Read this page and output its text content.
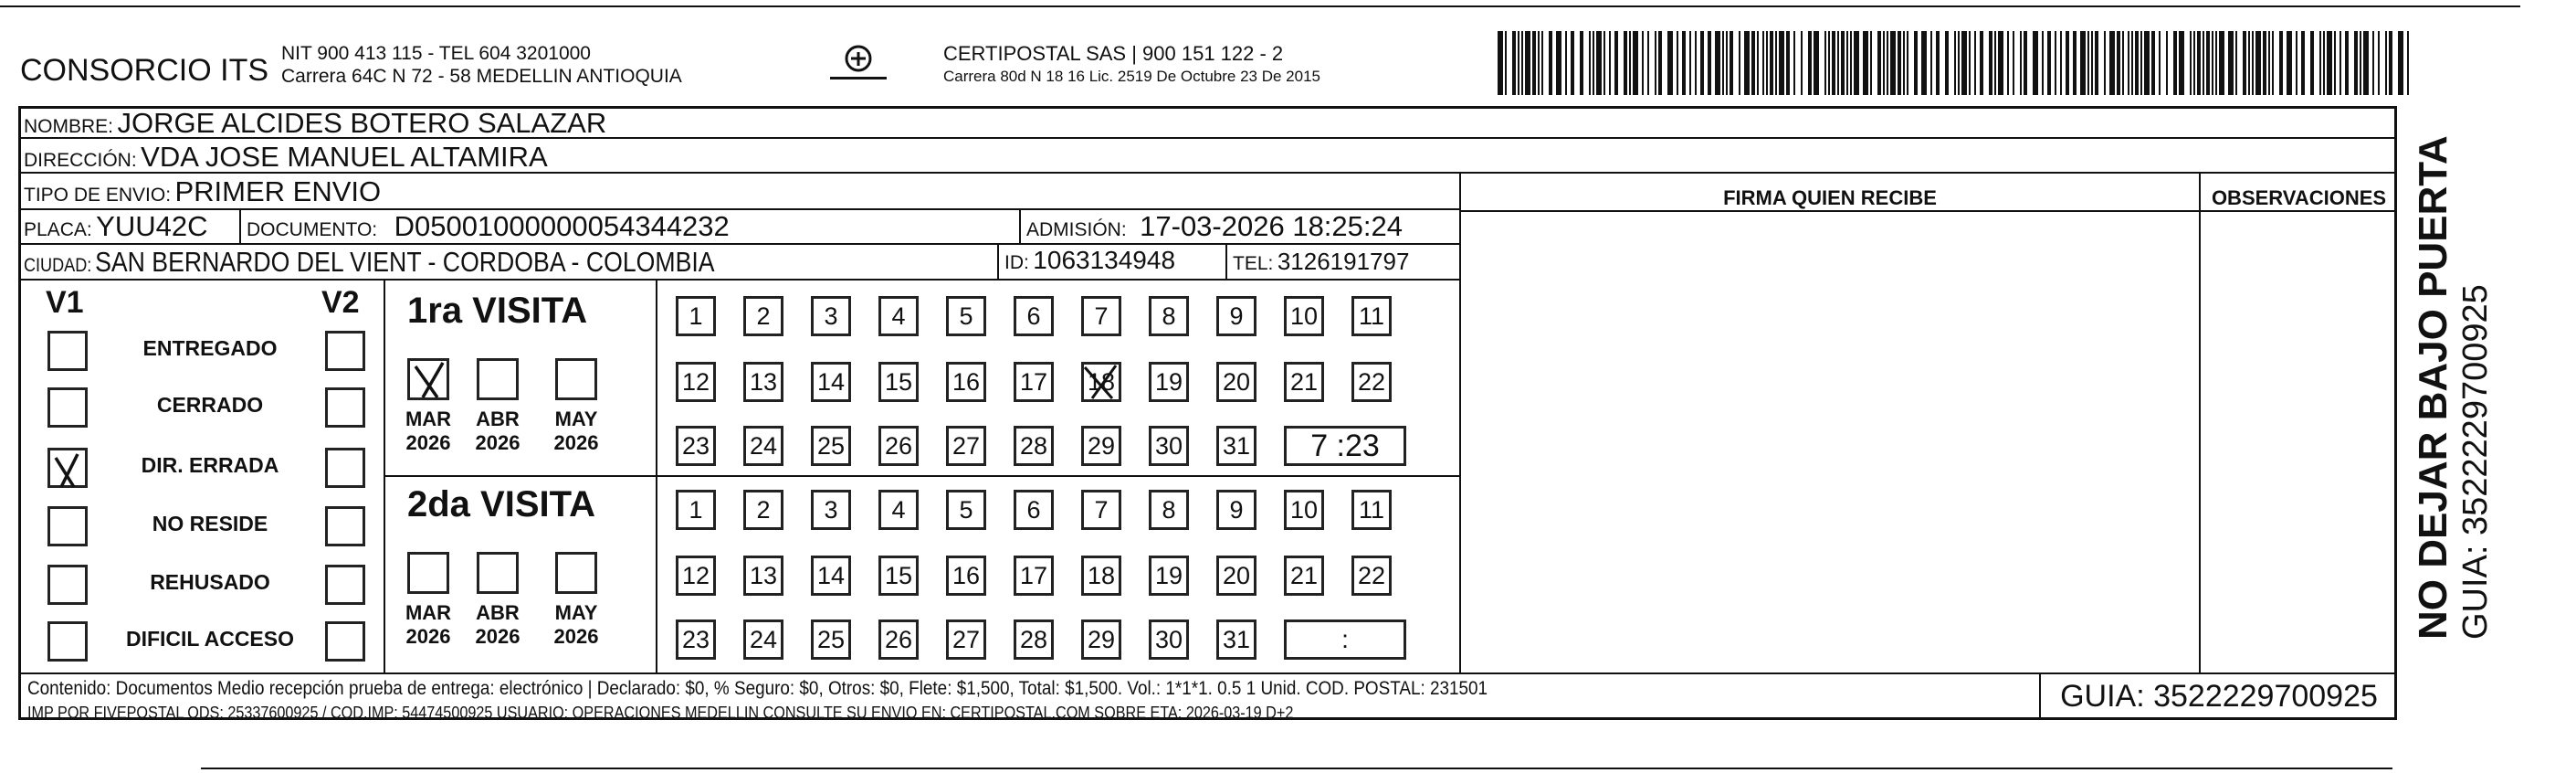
CONSORCIO ITS NIT 900 413 115 - TEL 604 3201000
Carrera 64C N 72 - 58 MEDELLIN ANTIOQUIA
CERTIPOSTAL SAS | 900 151 122 - 2
Carrera 80d N 18 16 Lic. 2519 De Octubre 23 De 2015
NOMBRE: JORGE ALCIDES BOTERO SALAZAR
DIRECCIÓN: VDA JOSE MANUEL ALTAMIRA
TIPO DE ENVIO: PRIMER ENVIO
PLACA: YUU42C DOCUMENTO: D05001000000054344232	ADMISIÓN: 17-03-2026 18:25:24
CIUDAD: SAN BERNARDO DEL VIENT - CORDOBA - COLOMBIA	ID: 1063134948	TEL: 3126191797
FIRMA QUIEN RECIBE	OBSERVACIONES
V1	V2
ENTREGADO
CERRADO
DIR. ERRADA
NO RESIDE
REHUSADO
DIFICIL ACCESO
1ra VISITA
2da VISITA
MAR
2026
ABR
2026
MAY
2026
1	2	3	4	5	6	7	8	9	10 11
12 13 14 15 16 17 18 19 20 21 22
23 24 25 26 27 28 29 30 31	7 :23
MAR
2026
ABR
2026
MAY
2026
1	2	3	4	5	6	7	8	9	10 11
12 13 14 15 16 17 18 19 20 21 22
23 24 25 26 27 28 29 30 31	:
Contenido: Documentos Medio recepción prueba de entrega: electrónico | Declarado: $0, % Seguro: $0, Otros: $0, Flete: $1,500, Total: $1,500. Vol.: 1*1*1. 0.5 1 Unid. COD. POSTAL: 231501
IMP POR FIVEPOSTAL ODS: 25337600925 / COD.IMP: 54474500925 USUARIO: OPERACIONES MEDELLIN CONSULTE SU ENVIO EN: CERTIPOSTAL.COM SOBRE ETA: 2026-03-19 D+2	GUIA: 3522229700925
NO DEJAR BAJO PUERTA GUIA: 3522229700925
